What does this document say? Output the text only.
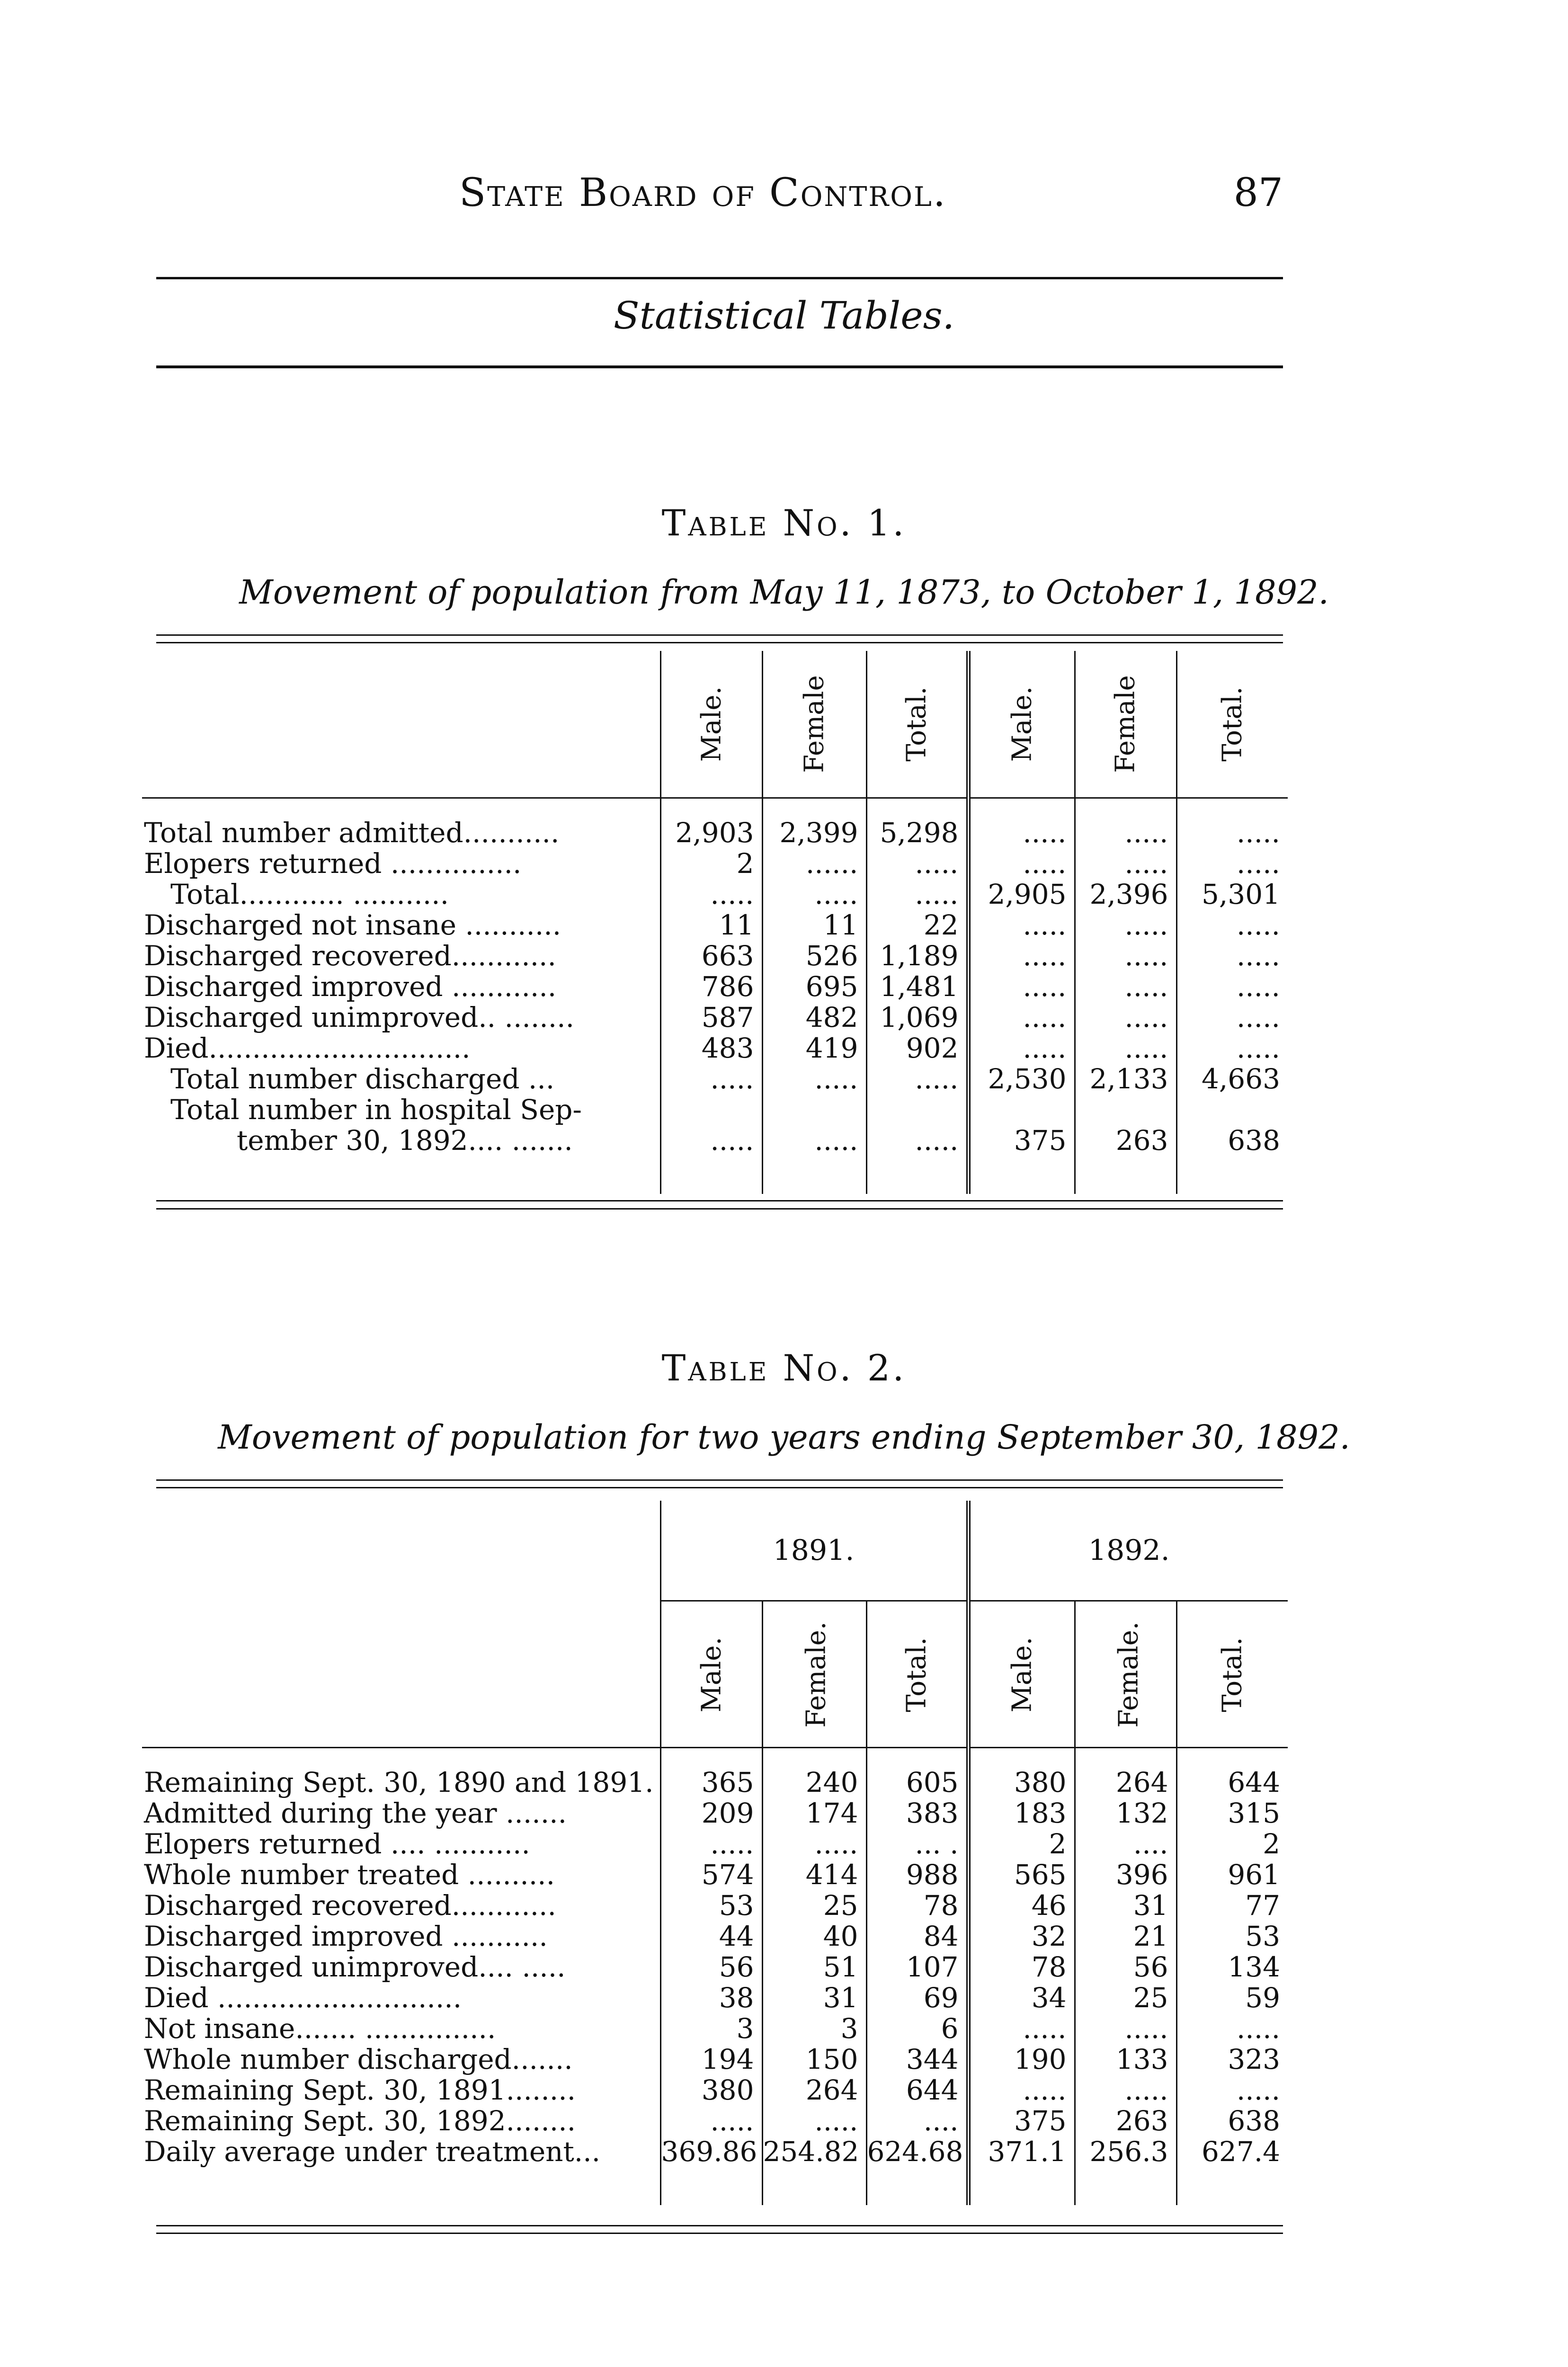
State Board of Control.	87
Statistical Tables.
Table No. 1.
Movement of population from May 11, 1873, to October 1, 1892.
	Male.	Female	Total.	Male.	Female	Total.

Total number admitted...........	2,903	2,399	5,298	.....	.....	.....
Elopers returned ...............	2	......	.....	.....	.....	.....
Total............ ...........	.....	.....	.....	2,905	2,396	5,301
Discharged not insane ...........	11	11	22	.....	.....	.....
Discharged recovered............	663	526	1,189	.....	.....	.....
Discharged improved ............	786	695	1,481	.....	.....	.....
Discharged unimproved.. ........	587	482	1,069	.....	.....	.....
Died..............................	483	419	902	.....	.....	.....
Total number discharged ...	.....	.....	.....	2,530	2,133	4,663
Total number in hospital Sep-						
tember 30, 1892.... .......	.....	.....	.....	375	263	638

Table No. 2.
Movement of population for two years ending September 30, 1892.
	1891.			1892.		
	Male.	Female.	Total.	Male.	Female.	Total.

Remaining Sept. 30, 1890 and 1891.	365	240	605	380	264	644
Admitted during the year .......	209	174	383	183	132	315
Elopers returned .... ...........	.....	.....	... .	2	....	2
Whole number treated ..........	574	414	988	565	396	961
Discharged recovered............	53	25	78	46	31	77
Discharged improved ...........	44	40	84	32	21	53
Discharged unimproved.... .....	56	51	107	78	56	134
Died ............................	38	31	69	34	25	59
Not insane....... ...............	3	3	6	.....	.....	.....
Whole number discharged.......	194	150	344	190	133	323
Remaining Sept. 30, 1891........	380	264	644	.....	.....	.....
Remaining Sept. 30, 1892........	.....	.....	....	375	263	638
Daily average under treatment...	369.86	254.82	624.68	371.1	256.3	627.4
